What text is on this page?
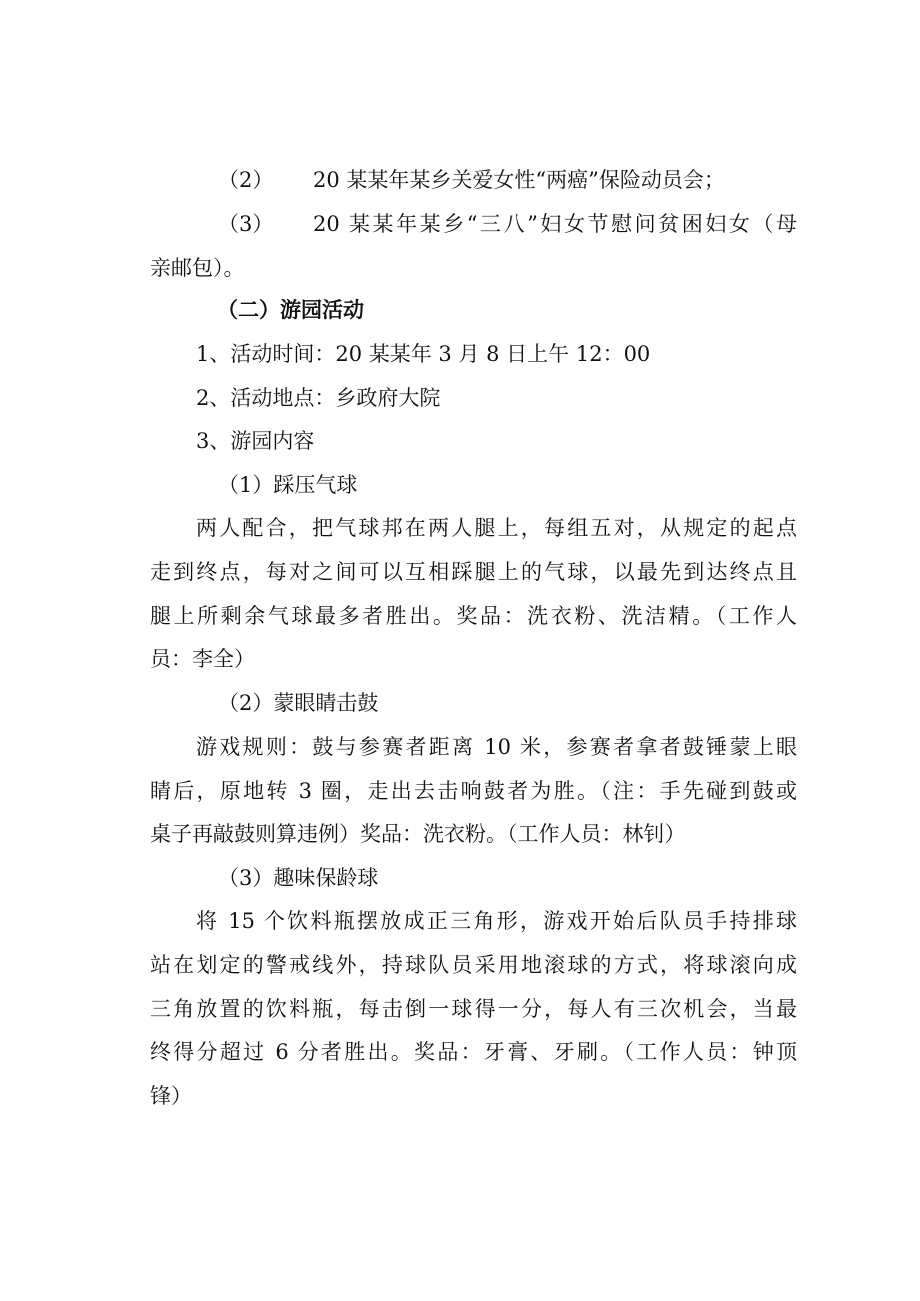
（2） 20 某某年某乡关爱女性“两癌”保险动员会；
（3） 20 某某年某乡“三八”妇女节慰问贫困妇女（母
亲邮包）。
（二）游园活动
1、活动时间：20 某某年 3 月 8 日上午 12：00
2、活动地点：乡政府大院
3、游园内容
（1）踩压气球
两人配合，把气球邦在两人腿上，每组五对，从规定的起点
走到终点，每对之间可以互相踩腿上的气球，以最先到达终点且
腿上所剩余气球最多者胜出。奖品：洗衣粉、洗洁精。（工作人
员：李全）
（2）蒙眼睛击鼓
游戏规则：鼓与参赛者距离 10 米，参赛者拿者鼓锤蒙上眼
睛后，原地转 3 圈，走出去击响鼓者为胜。（注：手先碰到鼓或
桌子再敲鼓则算违例）奖品：洗衣粉。（工作人员：林钊）
（3）趣味保龄球
将 15 个饮料瓶摆放成正三角形，游戏开始后队员手持排球
站在划定的警戒线外，持球队员采用地滚球的方式，将球滚向成
三角放置的饮料瓶，每击倒一球得一分，每人有三次机会，当最
终得分超过 6 分者胜出。奖品：牙膏、牙刷。（工作人员：钟顶
锋）
